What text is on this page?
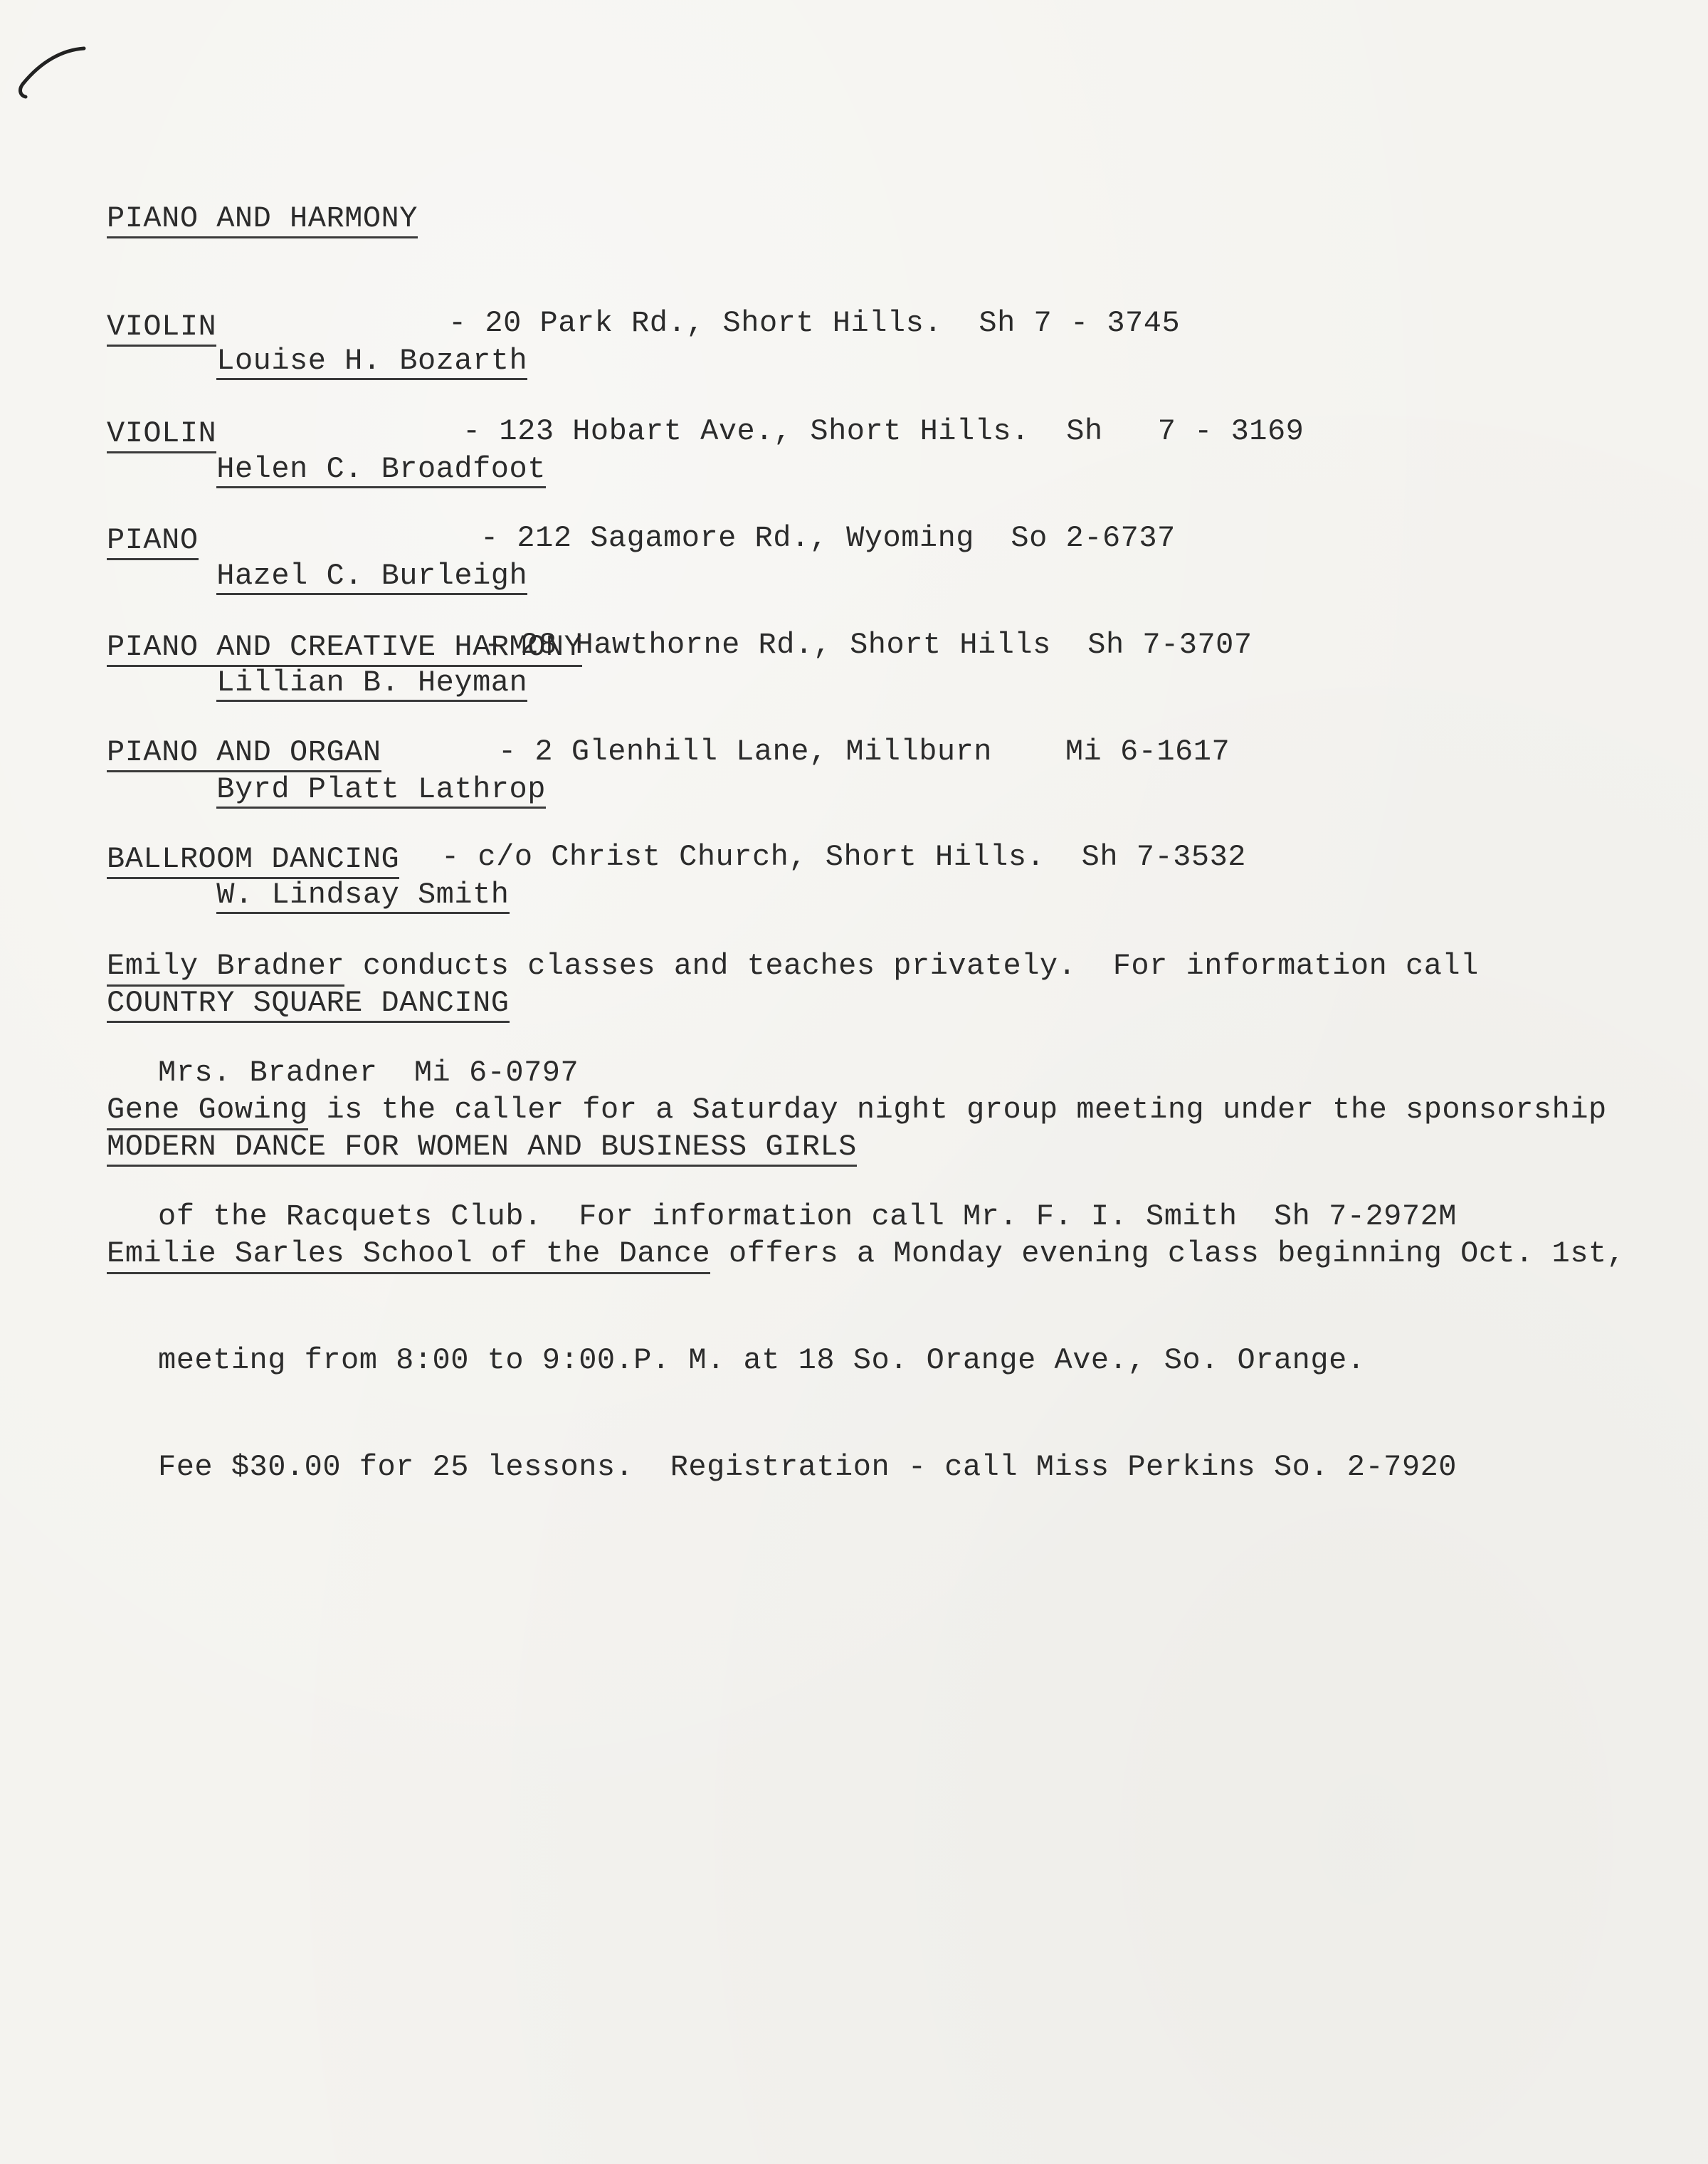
PIANO AND HARMONY

Louise H. Bozarth

- 20 Park Rd., Short Hills.  Sh 7 - 3745

VIOLIN

Helen C. Broadfoot

- 123 Hobart Ave., Short Hills.  Sh   7 - 3169

VIOLIN

Hazel C. Burleigh

- 212 Sagamore Rd., Wyoming  So 2-6737

PIANO

Lillian B. Heyman

- 28 Hawthorne Rd., Short Hills  Sh 7-3707

PIANO AND CREATIVE HARMONY

Byrd Platt Lathrop

- 2 Glenhill Lane, Millburn    Mi 6-1617

PIANO AND ORGAN

W. Lindsay Smith

- c/o Christ Church, Short Hills.  Sh 7-3532

BALLROOM DANCING

Emily Bradner conducts classes and teaches privately.  For information call

Mrs. Bradner  Mi 6-0797

COUNTRY SQUARE DANCING

Gene Gowing is the caller for a Saturday night group meeting under the sponsorship

of the Racquets Club.  For information call Mr. F. I. Smith  Sh 7-2972M

MODERN DANCE FOR WOMEN AND BUSINESS GIRLS

Emilie Sarles School of the Dance offers a Monday evening class beginning Oct. 1st,

meeting from 8:00 to 9:00.P. M. at 18 So. Orange Ave., So. Orange.

Fee $30.00 for 25 lessons.  Registration - call Miss Perkins So. 2-7920
